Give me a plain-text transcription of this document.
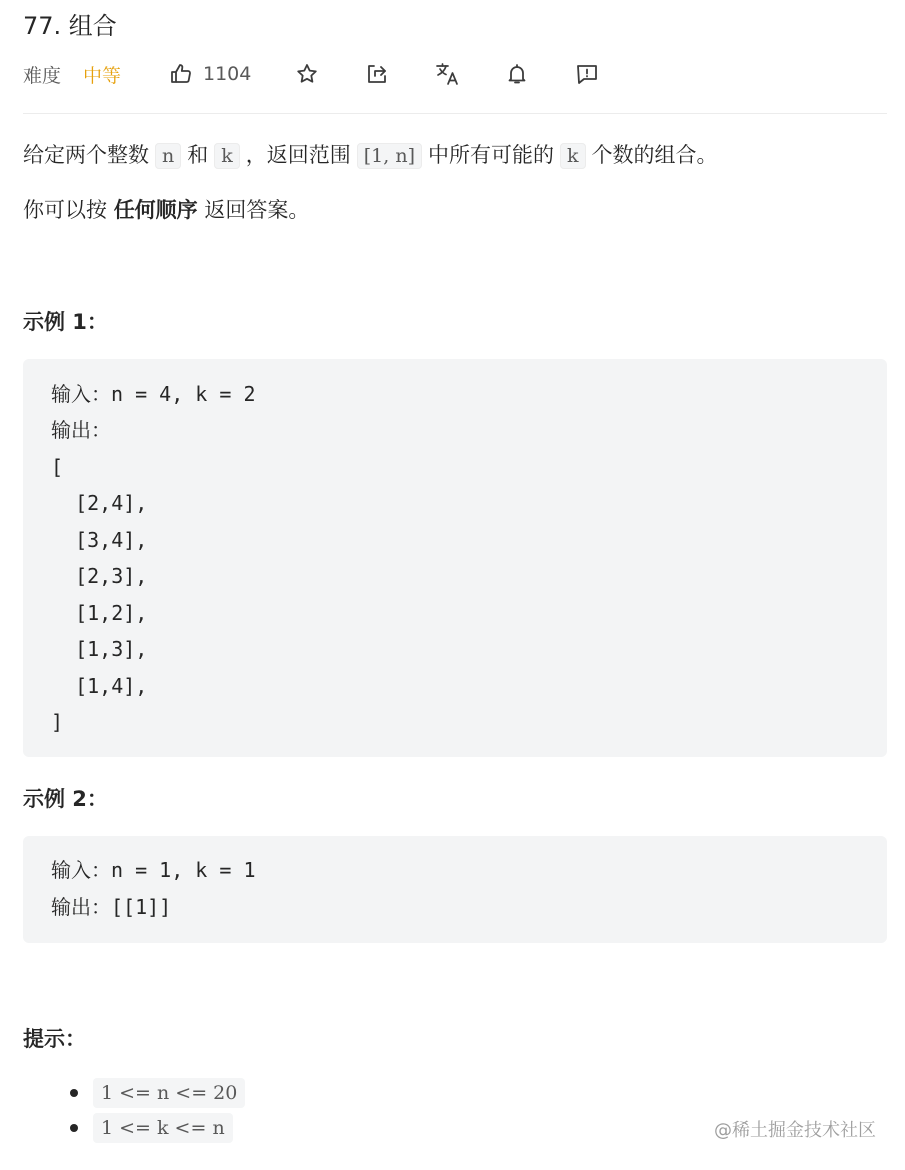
77. 组合
难度 中等	1104
给定两个整数 n 和 k ，返回范围 [1, n] 中所有可能的 k 个数的组合。
你可以按 任何顺序 返回答案。
示例 1：
输入：n = 4, k = 2
输出：
[
[2,4],
[3,4],
[2,3],
[1,2],
[1,3],
[1,4],
]
示例 2：
输入：n = 1, k = 1
输出：[[1]]
提示：
1 <= n <= 20
1 <= k <= n	@稀土掘金技术社区
